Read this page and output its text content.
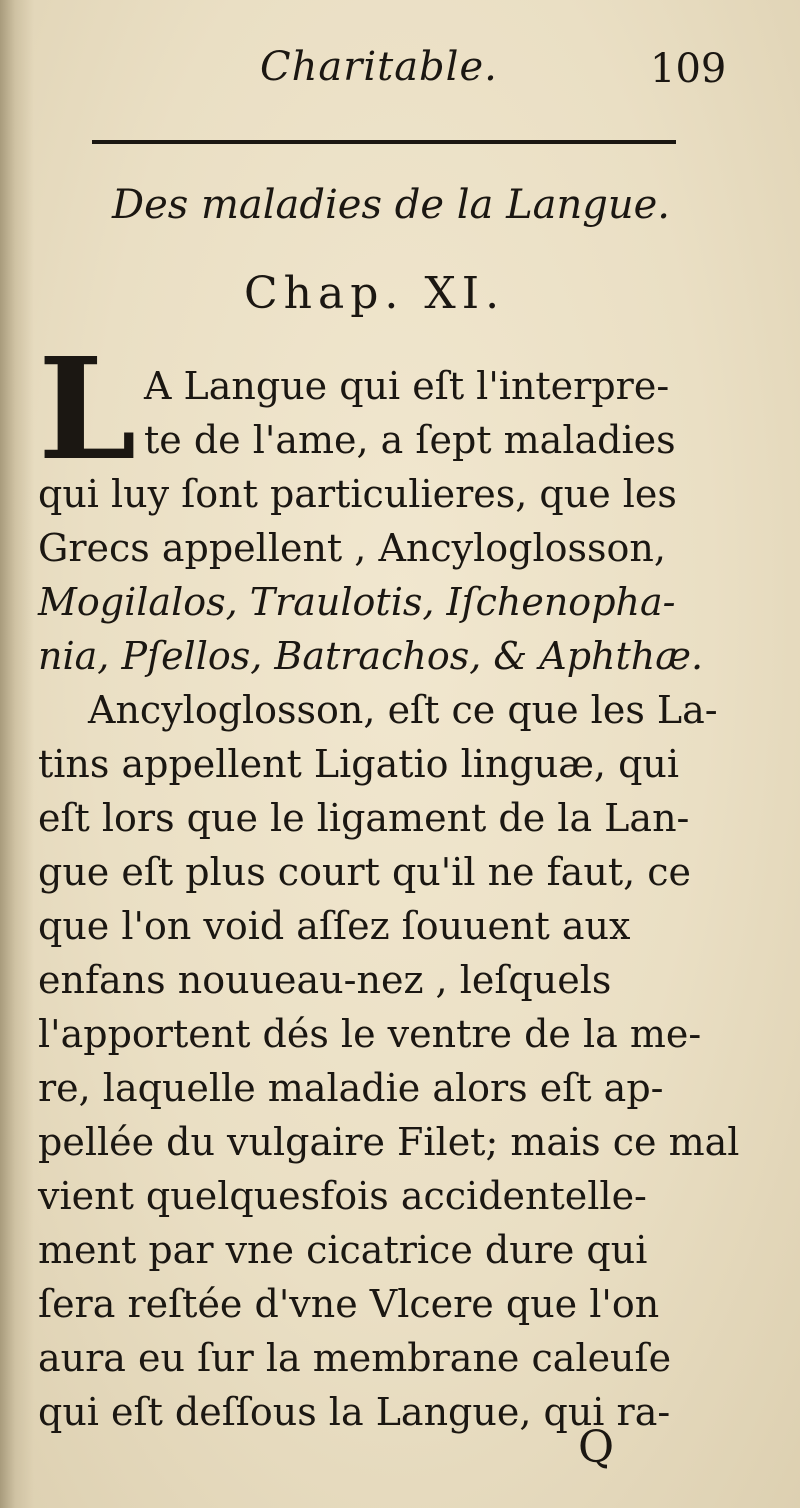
Charitable.	109
Des maladies de la Langue.
Chap. XI.
L A Langue qui eſt l'interpre-
te de l'ame, a ſept maladies
qui luy ſont particulieres, que les
Grecs appellent , Ancyloglosson,
Mogilalos, Traulotis, Iſchenopha-
nia, Pſellos, Batrachos, & Aphthæ.
Ancyloglosson, eſt ce que les La-
tins appellent Ligatio linguæ, qui
eſt lors que le ligament de la Lan-
gue eſt plus court qu'il ne faut, ce
que l'on void aſſez ſouuent aux
enfans nouueau-nez , leſquels
l'apportent dés le ventre de la me-
re, laquelle maladie alors eſt ap-
pellée du vulgaire Filet; mais ce mal
vient quelquesfois accidentelle-
ment par vne cicatrice dure qui
ſera reſtée d'vne Vlcere que l'on
aura eu ſur la membrane caleuſe
qui eſt deſſous la Langue, qui ra-
Q
